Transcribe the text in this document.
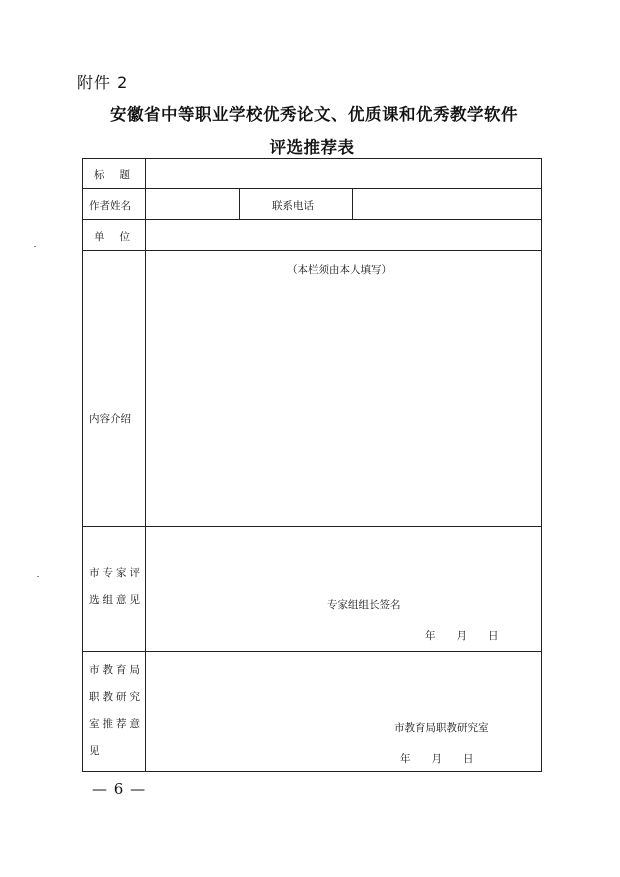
附件 2
安徽省中等职业学校优秀论文、优质课和优秀教学软件
评选推荐表
标题
作者姓名	联系电话
单位
内容介绍
（本栏须由本人填写）
市专家评
选组意见	专家组组长签名
年　　月　　日
市教育局
职教研究
室推荐意
见
市教育局职教研究室
年　　月　　日
— 6 —
